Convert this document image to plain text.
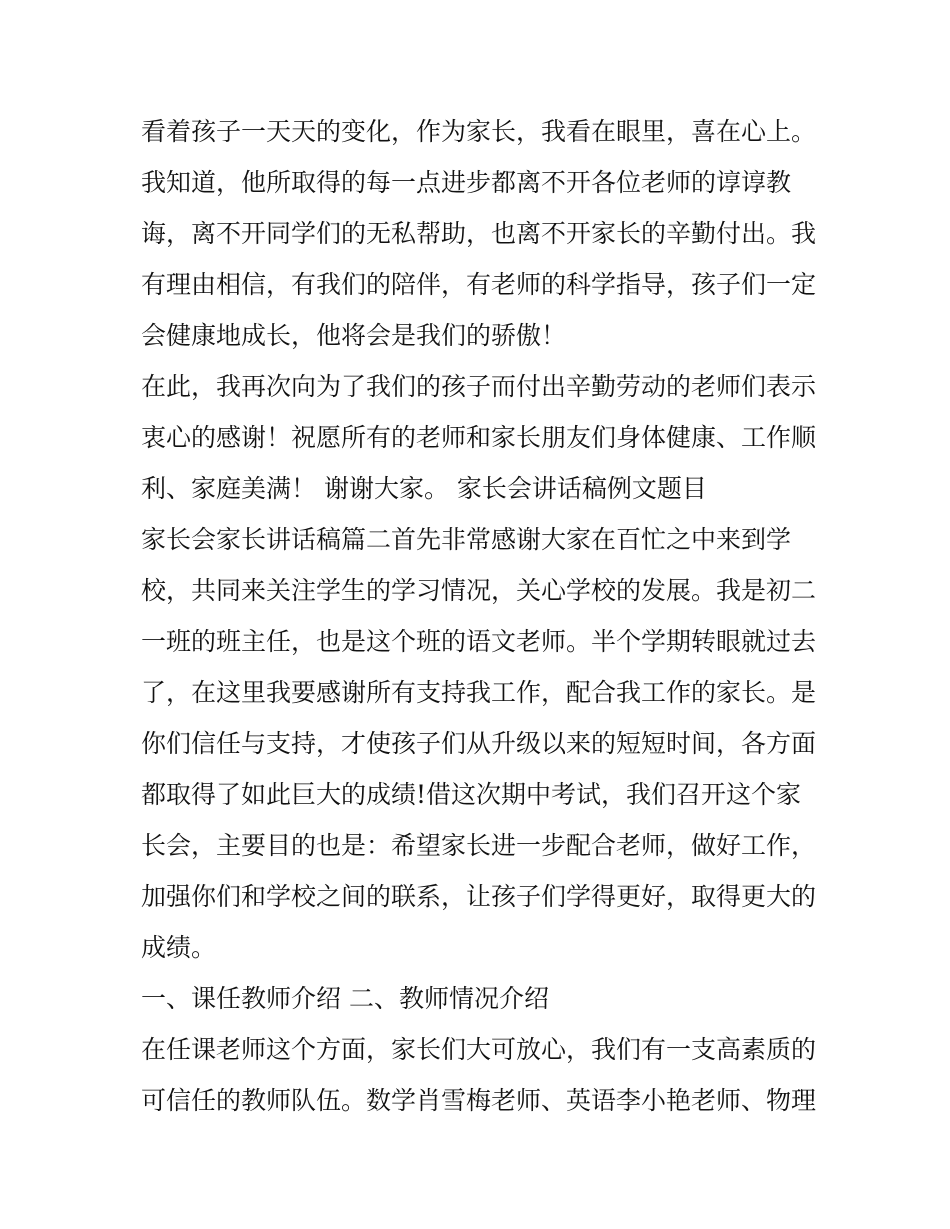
看着孩子一天天的变化，作为家长，我看在眼里，喜在心上。
我知道，他所取得的每一点进步都离不开各位老师的谆谆教
诲，离不开同学们的无私帮助，也离不开家长的辛勤付出。我
有理由相信，有我们的陪伴，有老师的科学指导，孩子们一定
会健康地成长，他将会是我们的骄傲！
在此，我再次向为了我们的孩子而付出辛勤劳动的老师们表示
衷心的感谢！祝愿所有的老师和家长朋友们身体健康、工作顺
利、家庭美满！ 谢谢大家。 家长会讲话稿例文题目
家长会家长讲话稿篇二首先非常感谢大家在百忙之中来到学
校，共同来关注学生的学习情况，关心学校的发展。我是初二
一班的班主任，也是这个班的语文老师。半个学期转眼就过去
了，在这里我要感谢所有支持我工作，配合我工作的家长。是
你们信任与支持，才使孩子们从升级以来的短短时间，各方面
都取得了如此巨大的成绩!借这次期中考试，我们召开这个家
长会，主要目的也是：希望家长进一步配合老师，做好工作，
加强你们和学校之间的联系，让孩子们学得更好，取得更大的
成绩。
一、课任教师介绍 二、教师情况介绍
在任课老师这个方面，家长们大可放心，我们有一支高素质的
可信任的教师队伍。数学肖雪梅老师、英语李小艳老师、物理
